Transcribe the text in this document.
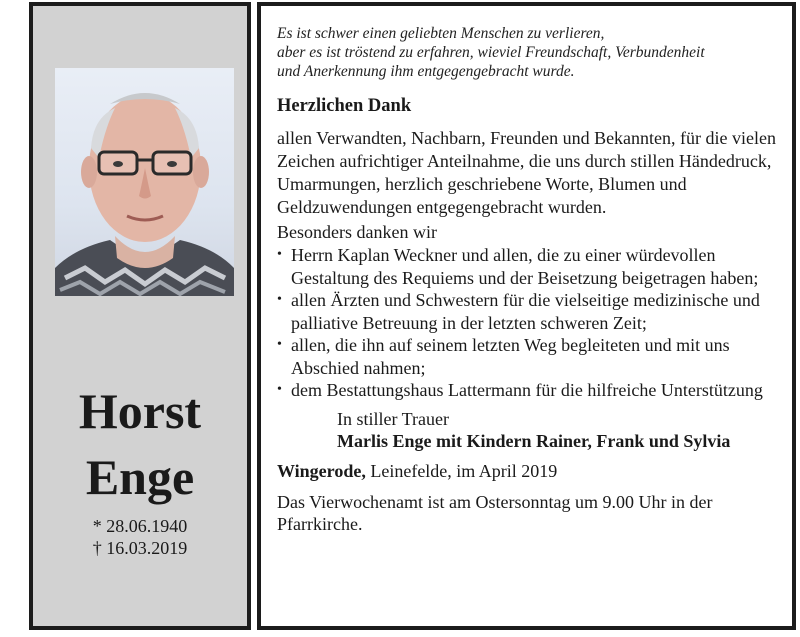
Horst
Enge
* 28.06.1940
† 16.03.2019
Es ist schwer einen geliebten Menschen zu verlieren,
aber es ist tröstend zu erfahren, wieviel Freundschaft, Verbundenheit
und Anerkennung ihm entgegengebracht wurde.
Herzlichen Dank
allen Verwandten, Nachbarn, Freunden und Bekannten, für die vielen Zeichen aufrichtiger Anteilnahme, die uns durch stillen Händedruck, Umarmungen, herzlich geschriebene Worte, Blumen und Geldzuwendungen entgegengebracht wurden.
Besonders danken wir
• Herrn Kaplan Weckner und allen, die zu einer würdevollen Gestaltung des Requiems und der Beisetzung beigetragen haben;
• allen Ärzten und Schwestern für die vielseitige medizinische und palliative Betreuung in der letzten schweren Zeit;
• allen, die ihn auf seinem letzten Weg begleiteten und mit uns Abschied nahmen;
• dem Bestattungshaus Lattermann für die hilfreiche Unterstützung
In stiller Trauer
Marlis Enge mit Kindern Rainer, Frank und Sylvia
Wingerode, Leinefelde, im April 2019
Das Vierwochenamt ist am Ostersonntag um 9.00 Uhr in der Pfarrkirche.
